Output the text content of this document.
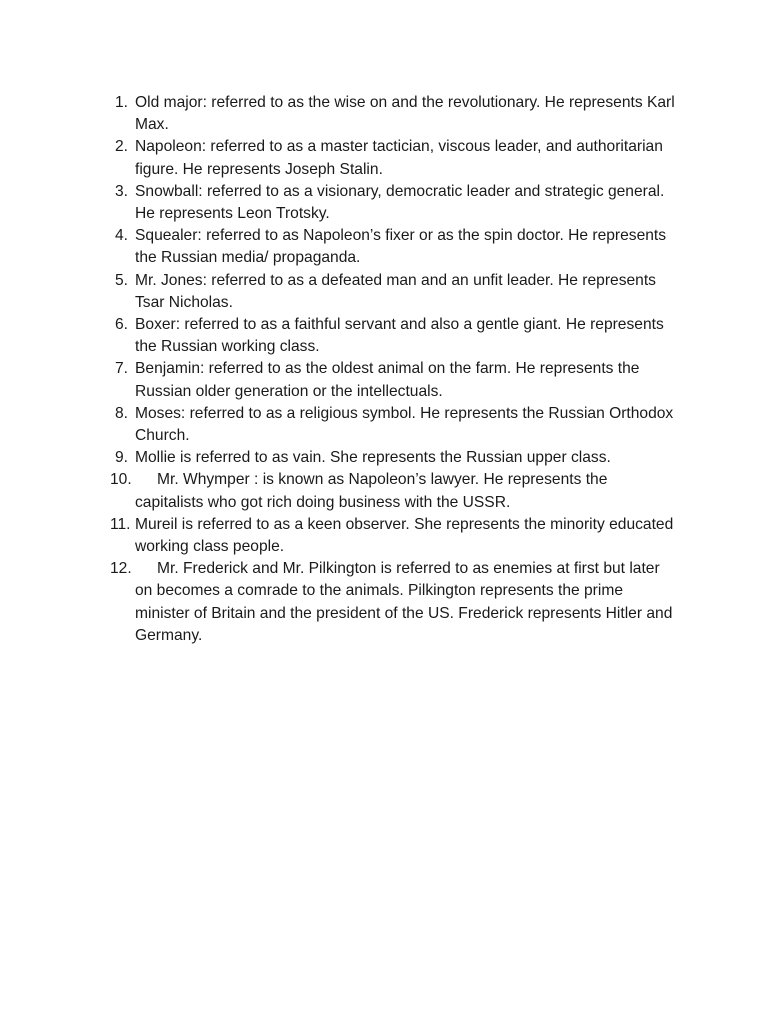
1. Old major: referred to as the wise on and the revolutionary. He represents Karl Max.
2. Napoleon: referred to as a master tactician, viscous leader, and authoritarian figure. He represents Joseph Stalin.
3. Snowball: referred to as a visionary, democratic leader and strategic general. He represents Leon Trotsky.
4. Squealer: referred to as Napoleon’s fixer or as the spin doctor. He represents the Russian media/ propaganda.
5. Mr. Jones: referred to as a defeated man and an unfit leader. He represents Tsar Nicholas.
6. Boxer: referred to as a faithful servant and also a gentle giant. He represents the Russian working class.
7. Benjamin: referred to as the oldest animal on the farm. He represents the Russian older generation or the intellectuals.
8. Moses: referred to as a religious symbol. He represents the Russian Orthodox Church.
9. Mollie is referred to as vain. She represents the Russian upper class.
10.	Mr. Whymper : is known as Napoleon’s lawyer. He represents the capitalists who got rich doing business with the USSR.
11. Mureil is referred to as a keen observer. She represents the minority educated working class people.
12.	Mr. Frederick and Mr. Pilkington is referred to as enemies at first but later on becomes a comrade to the animals. Pilkington represents the prime minister of Britain and the president of the US. Frederick represents Hitler and Germany.
